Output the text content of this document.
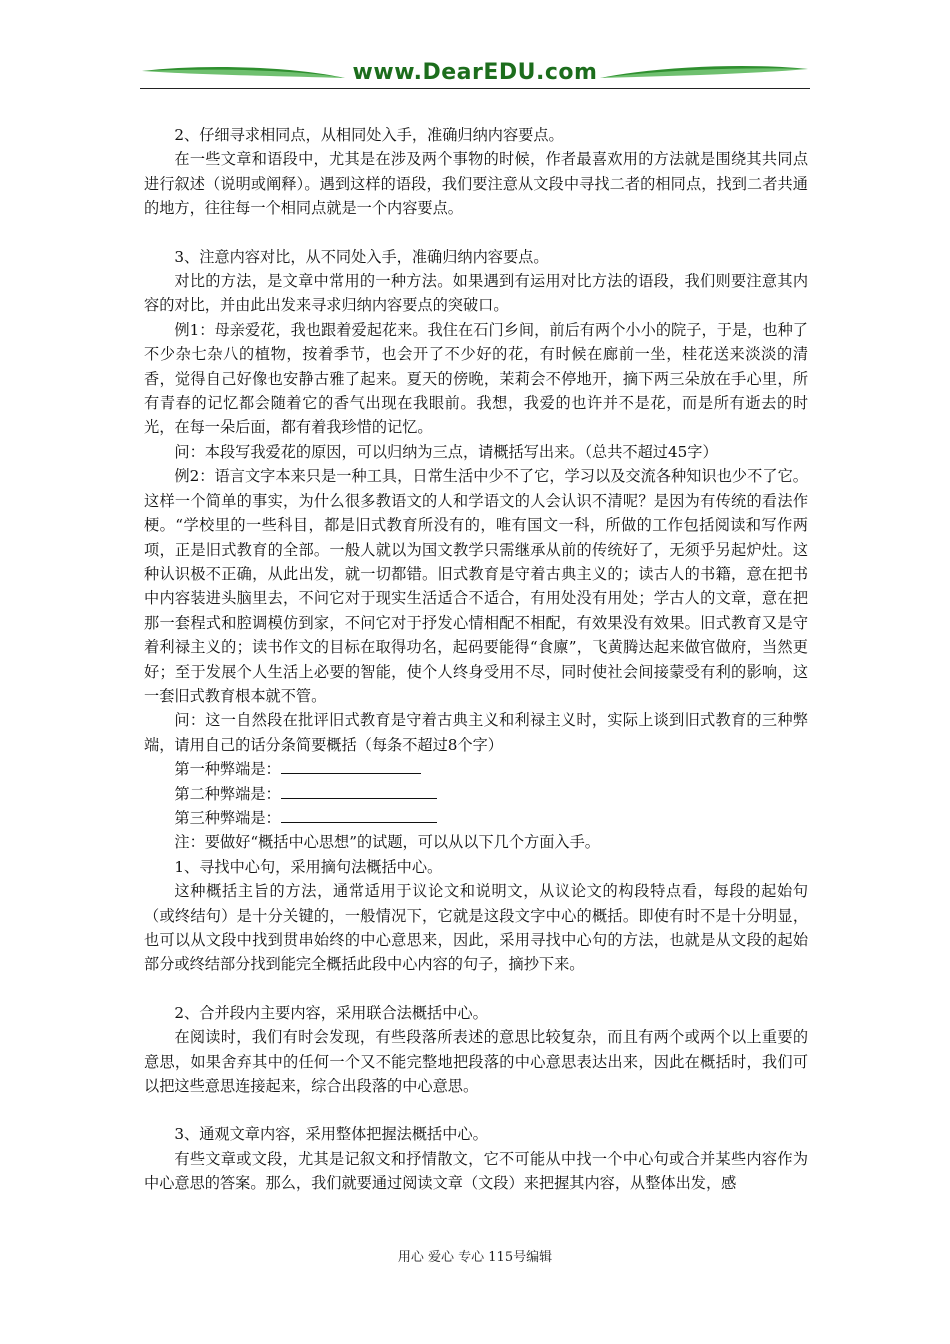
www.DearEDU.com

2、仔细寻求相同点，从相同处入手，准确归纳内容要点。

在一些文章和语段中，尤其是在涉及两个事物的时候，作者最喜欢用的方法就是围绕其共同点进行叙述（说明或阐释）。遇到这样的语段，我们要注意从文段中寻找二者的相同点，找到二者共通的地方，往往每一个相同点就是一个内容要点。

3、注意内容对比，从不同处入手，准确归纳内容要点。

对比的方法，是文章中常用的一种方法。如果遇到有运用对比方法的语段，我们则要注意其内容的对比，并由此出发来寻求归纳内容要点的突破口。

例1：母亲爱花，我也跟着爱起花来。我住在石门乡间，前后有两个小小的院子，于是，也种了不少杂七杂八的植物，按着季节，也会开了不少好的花，有时候在廊前一坐，桂花送来淡淡的清香，觉得自己好像也安静古雅了起来。夏天的傍晚，茉莉会不停地开，摘下两三朵放在手心里，所有青春的记忆都会随着它的香气出现在我眼前。我想，我爱的也许并不是花，而是所有逝去的时光，在每一朵后面，都有着我珍惜的记忆。

问：本段写我爱花的原因，可以归纳为三点，请概括写出来。（总共不超过45字）

例2：语言文字本来只是一种工具，日常生活中少不了它，学习以及交流各种知识也少不了它。这样一个简单的事实，为什么很多教语文的人和学语文的人会认识不清呢？是因为有传统的看法作梗。“学校里的一些科目，都是旧式教育所没有的，唯有国文一科，所做的工作包括阅读和写作两项，正是旧式教育的全部。一般人就以为国文教学只需继承从前的传统好了，无须乎另起炉灶。这种认识极不正确，从此出发，就一切都错。旧式教育是守着古典主义的；读古人的书籍，意在把书中内容装进头脑里去，不问它对于现实生活适合不适合，有用处没有用处；学古人的文章，意在把那一套程式和腔调模仿到家，不问它对于抒发心情相配不相配，有效果没有效果。旧式教育又是守着利禄主义的；读书作文的目标在取得功名，起码要能得“食廪”，飞黄腾达起来做官做府，当然更好；至于发展个人生活上必要的智能，使个人终身受用不尽，同时使社会间接蒙受有利的影响，这一套旧式教育根本就不管。

问：这一自然段在批评旧式教育是守着古典主义和利禄主义时，实际上谈到旧式教育的三种弊端，请用自己的话分条简要概括（每条不超过8个字）

第一种弊端是：

第二种弊端是：

第三种弊端是：

注：要做好“概括中心思想”的试题，可以从以下几个方面入手。

1、寻找中心句，采用摘句法概括中心。

这种概括主旨的方法，通常适用于议论文和说明文，从议论文的构段特点看，每段的起始句（或终结句）是十分关键的，一般情况下，它就是这段文字中心的概括。即使有时不是十分明显，也可以从文段中找到贯串始终的中心意思来，因此，采用寻找中心句的方法，也就是从文段的起始部分或终结部分找到能完全概括此段中心内容的句子，摘抄下来。

2、合并段内主要内容，采用联合法概括中心。

在阅读时，我们有时会发现，有些段落所表述的意思比较复杂，而且有两个或两个以上重要的意思，如果舍弃其中的任何一个又不能完整地把段落的中心意思表达出来，因此在概括时，我们可以把这些意思连接起来，综合出段落的中心意思。

3、通观文章内容，采用整体把握法概括中心。

有些文章或文段，尤其是记叙文和抒情散文，它不可能从中找一个中心句或合并某些内容作为中心意思的答案。那么，我们就要通过阅读文章（文段）来把握其内容，从整体出发，感

用心 爱心 专心 115号编辑
